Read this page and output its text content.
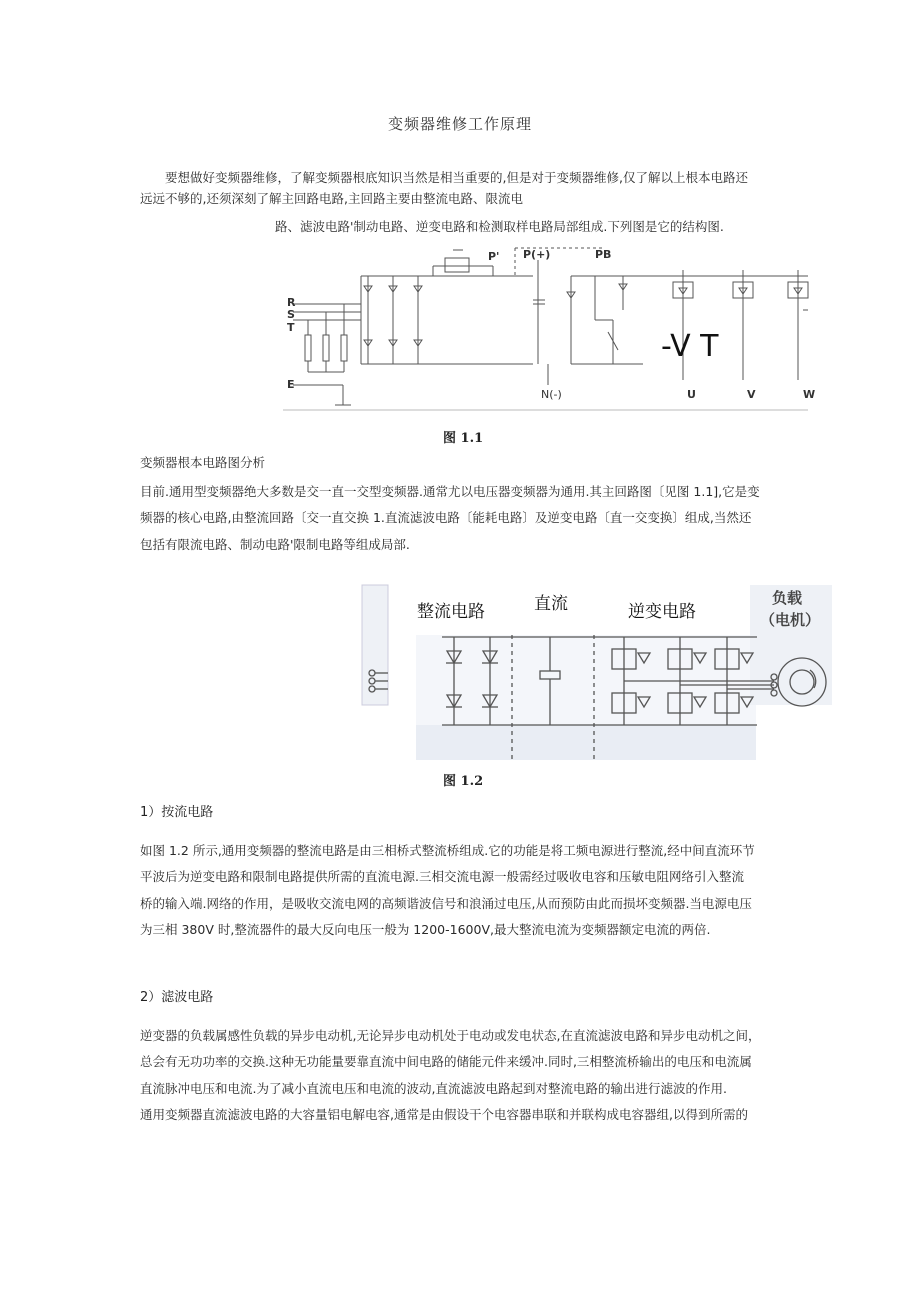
变频器维修工作原理
要想做好变频器维修，了解变频器根底知识当然是相当重要的,但是对于变频器维修,仅了解以上根本电路还
远远不够的,还须深刻了解主回路电路,主回路主要由整流电路、限流电
路、滤波电路'制动电路、逆变电路和检测取样电路局部组成.下列图是它的结构图.
P' P(+)	PB
R
S
T
E
N(-)	U	V	W
-V T
图 1.1
变频器根本电路图分析
目前.通用型变频器绝大多数是交一直一交型变频器.通常尤以电压器变频器为通用.其主回路图〔见图 1.1],它是变
频器的核心电路,由整流回路〔交一直交换 1.直流滤波电路〔能耗电路〕及逆变电路〔直一交变换〕组成,当然还
包括有限流电路、制动电路'限制电路等组成局部.
整流电路	直流	逆变电路
负载
（电机）
图 1.2
1）按流电路
如图 1.2 所示,通用变频器的整流电路是由三相桥式整流桥组成.它的功能是将工频电源进行整流,经中间直流环节
平波后为逆变电路和限制电路提供所需的直流电源.三相交流电源一般需经过吸收电容和压敏电阻网络引入整流
桥的输入端.网络的作用，是吸收交流电网的高频谐波信号和浪涌过电压,从而预防由此而损坏变频器.当电源电压
为三相 380V 时,整流器件的最大反向电压一般为 1200-1600V,最大整流电流为变频器额定电流的两倍.
2）滤波电路
逆变器的负载属感性负载的异步电动机,无论异步电动机处于电动或发电状态,在直流滤波电路和异步电动机之间，
总会有无功功率的交换.这种无功能量要靠直流中间电路的储能元件来缓冲.同时,三相整流桥输出的电压和电流属
直流脉冲电压和电流.为了减小直流电压和电流的波动,直流滤波电路起到对整流电路的输出进行滤波的作用.
通用变频器直流滤波电路的大容量铝电解电容,通常是由假设干个电容器串联和并联构成电容器组,以得到所需的
